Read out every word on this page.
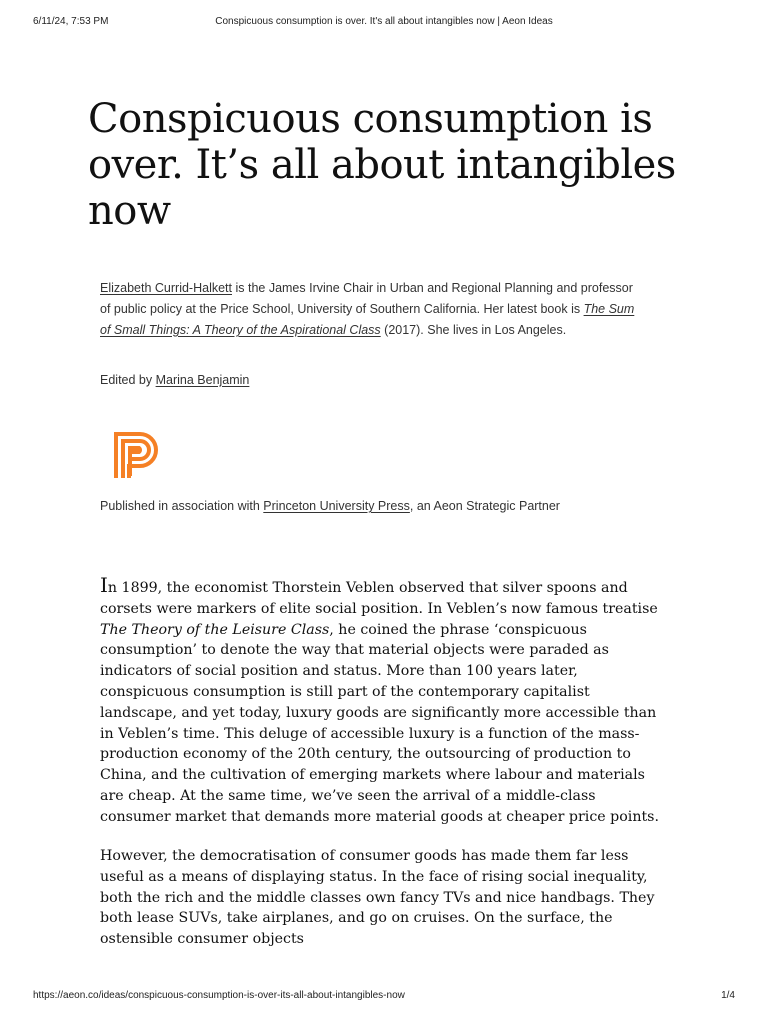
6/11/24, 7:53 PM	Conspicuous consumption is over. It's all about intangibles now | Aeon Ideas
Conspicuous consumption is over. It’s all about intangibles now

Elizabeth Currid-Halkett is the James Irvine Chair in Urban and Regional Planning and professor of public policy at the Price School, University of Southern California. Her latest book is The Sum of Small Things: A Theory of the Aspirational Class (2017). She lives in Los Angeles.

Edited by Marina Benjamin

Published in association with Princeton University Press, an Aeon Strategic Partner

In 1899, the economist Thorstein Veblen observed that silver spoons and corsets were markers of elite social position. In Veblen’s now famous treatise The Theory of the Leisure Class, he coined the phrase ‘conspicuous consumption’ to denote the way that material objects were paraded as indicators of social position and status. More than 100 years later, conspicuous consumption is still part of the contemporary capitalist landscape, and yet today, luxury goods are significantly more accessible than in Veblen’s time. This deluge of accessible luxury is a function of the mass-production economy of the 20th century, the outsourcing of production to China, and the cultivation of emerging markets where labour and materials are cheap. At the same time, we’ve seen the arrival of a middle-class consumer market that demands more material goods at cheaper price points.

However, the democratisation of consumer goods has made them far less useful as a means of displaying status. In the face of rising social inequality, both the rich and the middle classes own fancy TVs and nice handbags. They both lease SUVs, take airplanes, and go on cruises. On the surface, the ostensible consumer objects

https://aeon.co/ideas/conspicuous-consumption-is-over-its-all-about-intangibles-now	1/4
